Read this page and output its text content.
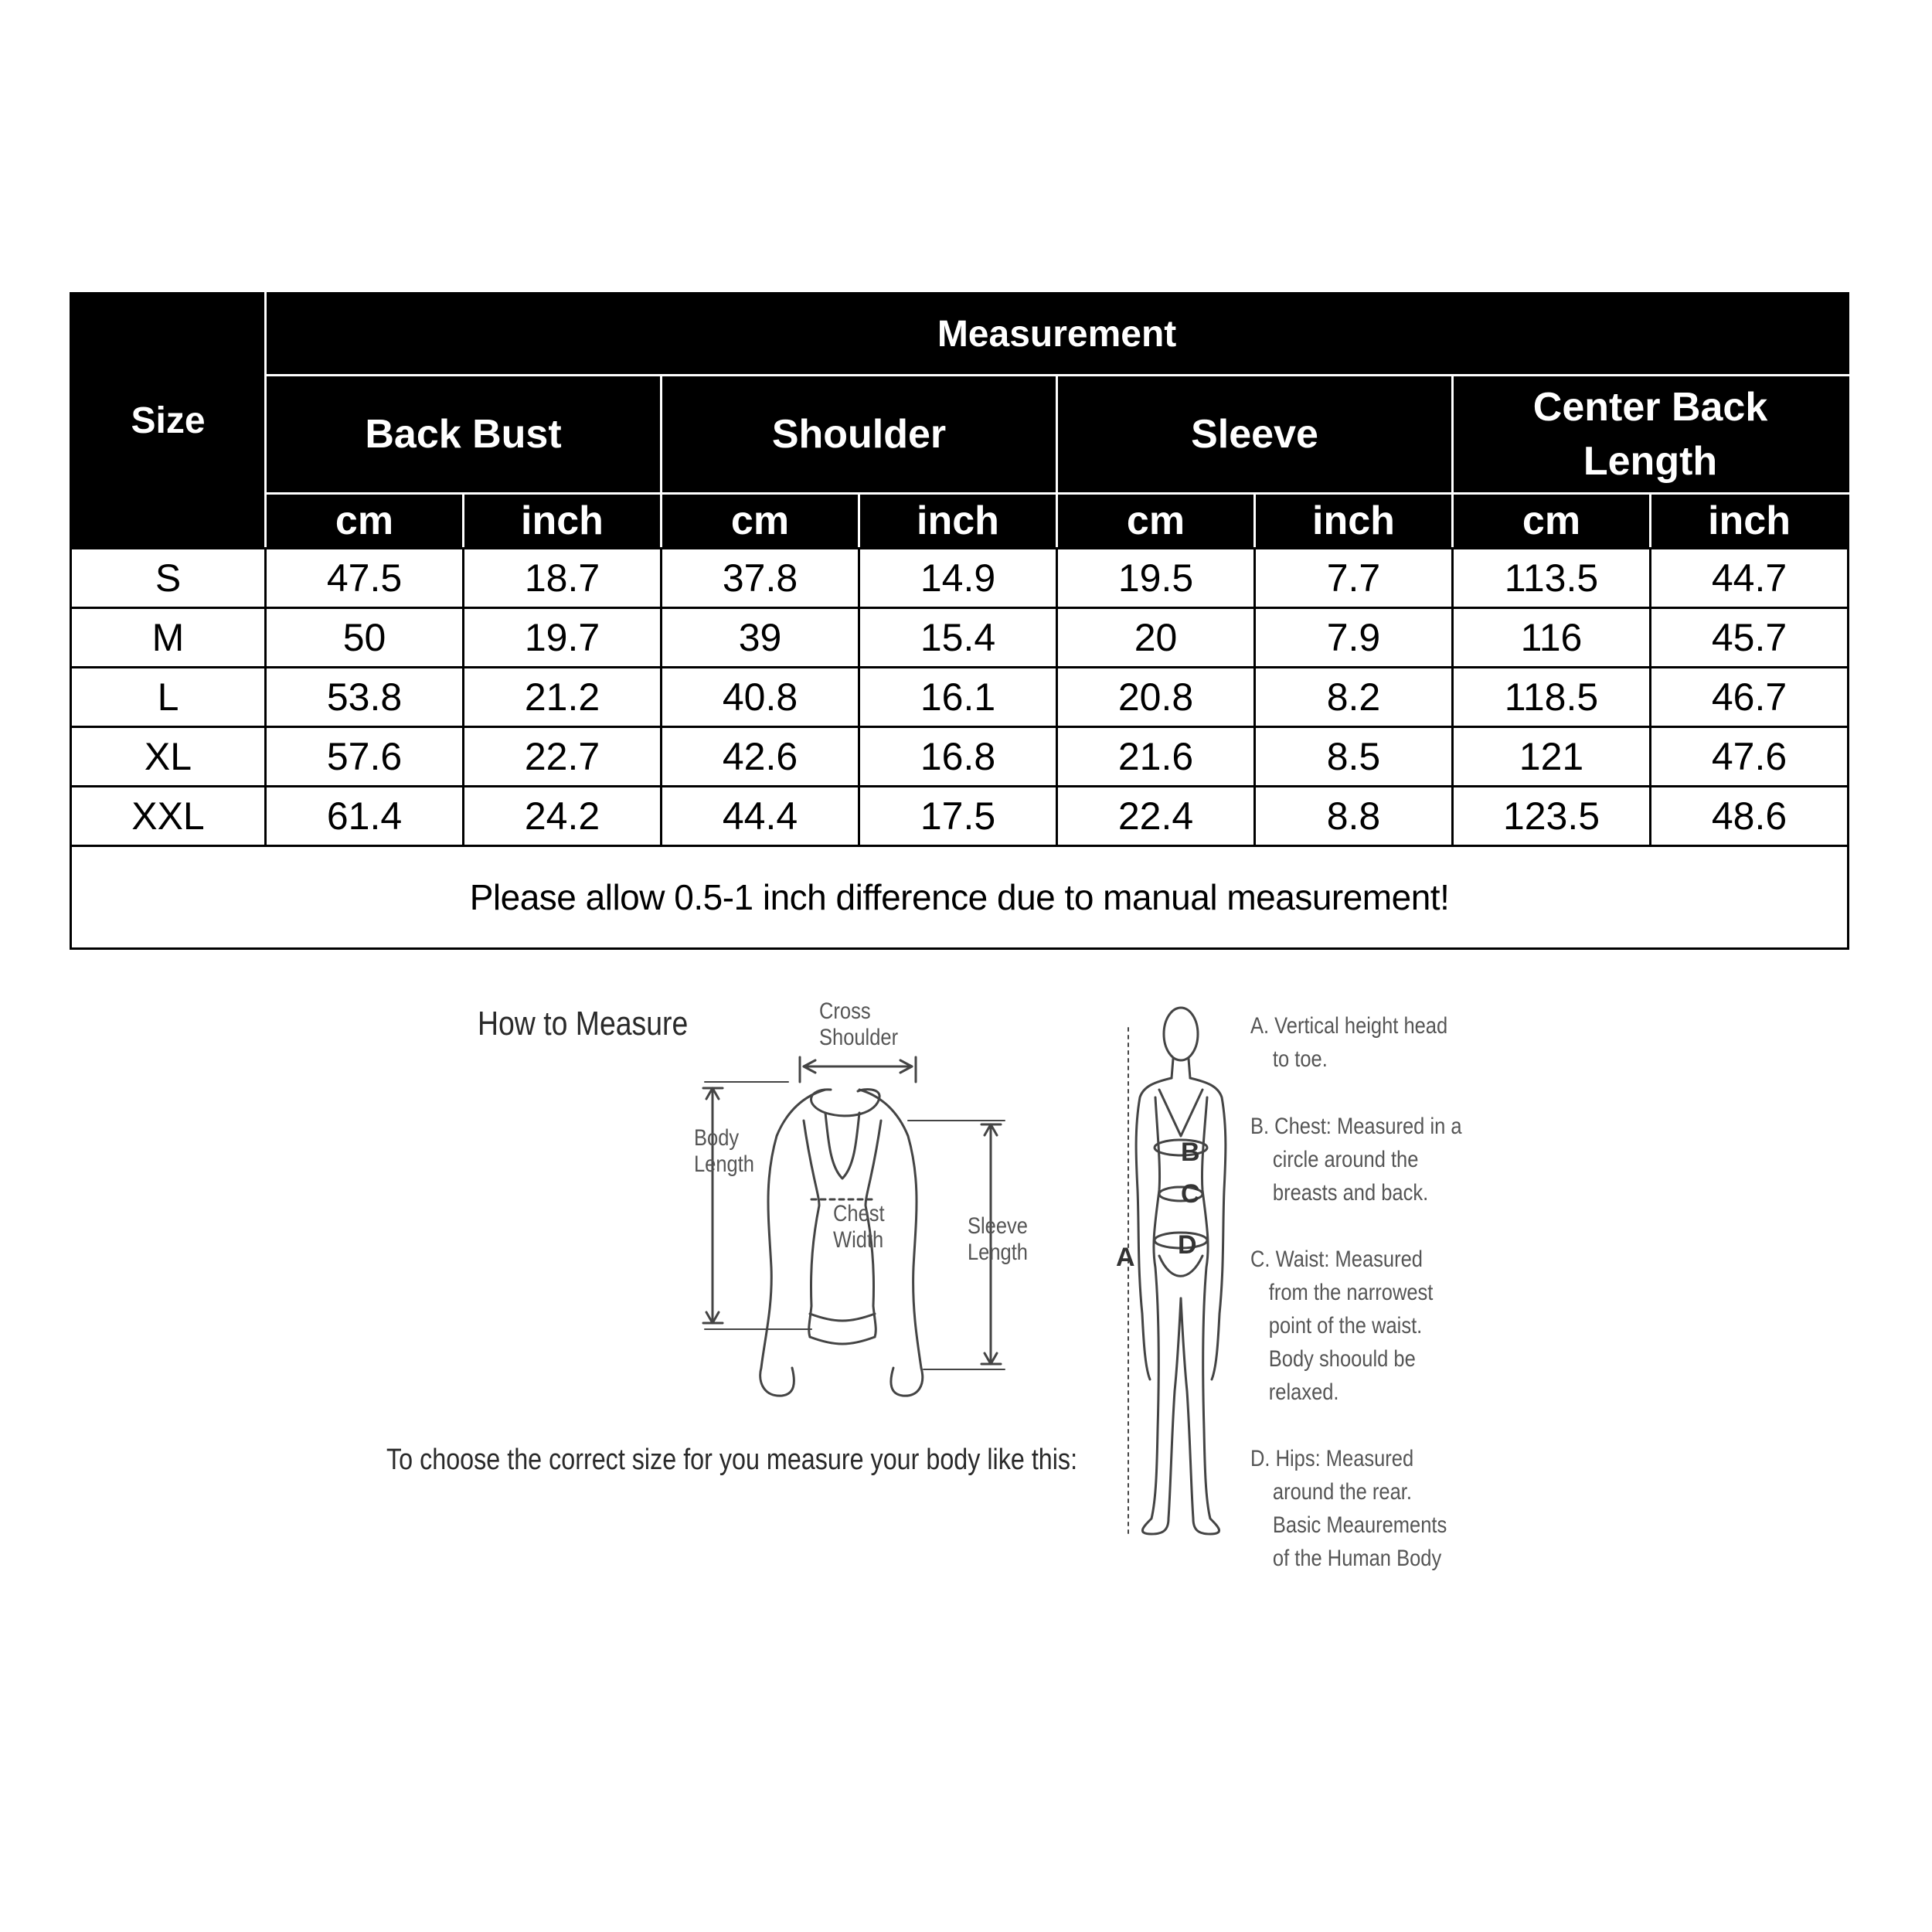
Size	Measurement							
	Back Bust		Shoulder		Sleeve		Center Back Length	
	cm	inch	cm	inch	cm	inch	cm	inch
S	47.5	18.7	37.8	14.9	19.5	7.7	113.5	44.7
M	50	19.7	39	15.4	20	7.9	116	45.7
L	53.8	21.2	40.8	16.1	20.8	8.2	118.5	46.7
XL	57.6	22.7	42.6	16.8	21.6	8.5	121	47.6
XXL	61.4	24.2	44.4	17.5	22.4	8.8	123.5	48.6
Please allow 0.5-1 inch difference due to manual measurement!								
How to Measure	Cross
Shoulder
Body
Length
Chest
Width
Sleeve
Length	A
B
C
D
A. Vertical height head
to toe.
B. Chest: Measured in a
circle around the
breasts and back.
C. Waist: Measured
from the narrowest
point of the waist.
Body shoould be
relaxed.
D. Hips: Measured
around the rear.
Basic Meaurements
of the Human Body
To choose the correct size for you measure your body like this:
